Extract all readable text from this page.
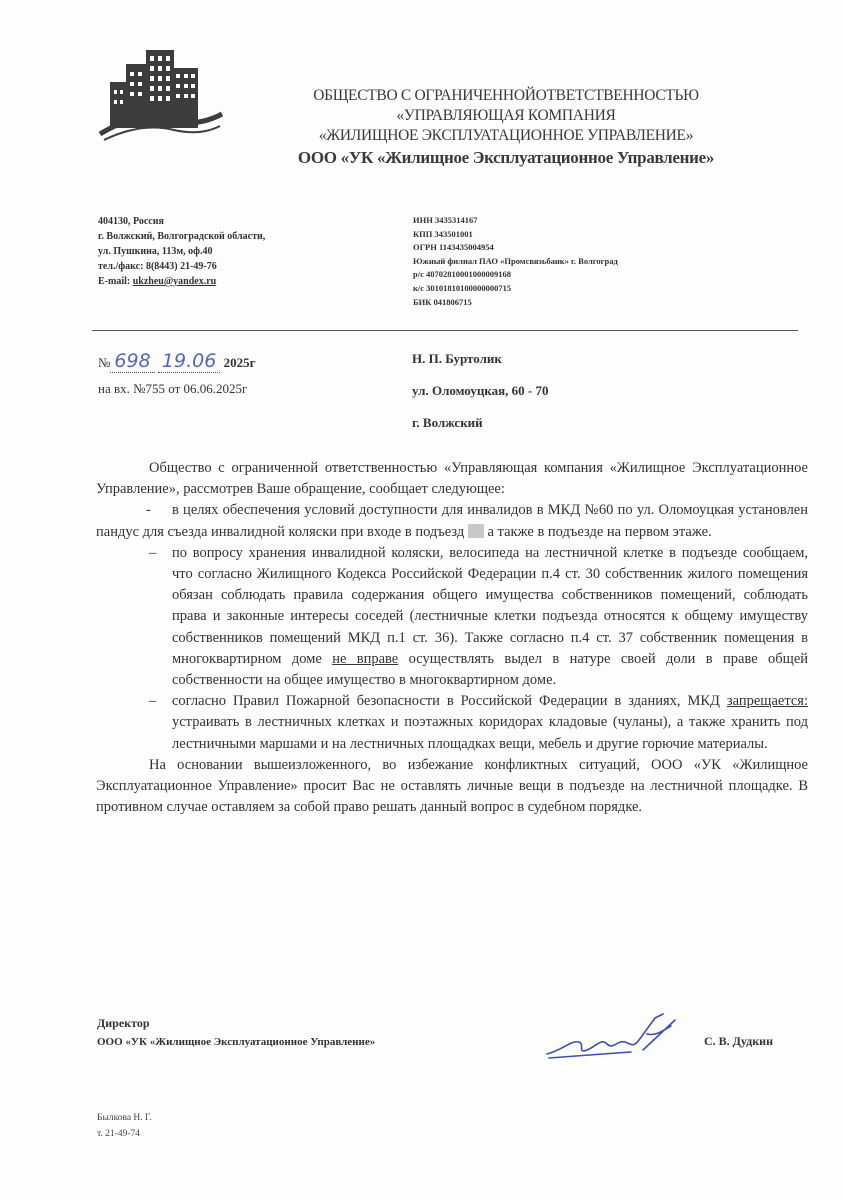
ОБЩЕСТВО С ОГРАНИЧЕННОЙОТВЕТСТВЕННОСТЬЮ
«УПРАВЛЯЮЩАЯ КОМПАНИЯ
«ЖИЛИЩНОЕ ЭКСПЛУАТАЦИОННОЕ УПРАВЛЕНИЕ»
ООО «УК «Жилищное Эксплуатационное Управление»
404130, Россия
г. Волжский, Волгоградской области,
ул. Пушкина, 113м, оф.40
тел./факс: 8(8443) 21-49-76
E-mail: ukzheu@yandex.ru
ИНН 3435314167
КПП 343501001
ОГРН 1143435004954
Южный филиал ПАО «Промсвязьбанк» г. Волгоград
р/с 40702810001000009168
к/с 30101810100000000715
БИК 041806715
№ 698 19.06 2025г
на вх. №755 от 06.06.2025г
Н. П. Буртолик
ул. Оломоуцкая, 60 - 70
г. Волжский

Общество с ограниченной ответственностью «Управляющая компания «Жилищное Эксплуатационное Управление», рассмотрев Ваше обращение, сообщает следующее:

- в целях обеспечения условий доступности для инвалидов в МКД №60 по ул. Оломоуцкая установлен пандус для съезда инвалидной коляски при входе в подъезд а также в подъезде на первом этаже.

– по вопросу хранения инвалидной коляски, велосипеда на лестничной клетке в подъезде сообщаем, что согласно Жилищного Кодекса Российской Федерации п.4 ст. 30 собственник жилого помещения обязан соблюдать правила содержания общего имущества собственников помещений, соблюдать права и законные интересы соседей (лестничные клетки подъезда относятся к общему имуществу собственников помещений МКД п.1 ст. 36). Также согласно п.4 ст. 37 собственник помещения в многоквартирном доме не вправе осуществлять выдел в натуре своей доли в праве общей собственности на общее имущество в многоквартирном доме.

– согласно Правил Пожарной безопасности в Российской Федерации в зданиях, МКД запрещается: устраивать в лестничных клетках и поэтажных коридорах кладовые (чуланы), а также хранить под лестничными маршами и на лестничных площадках вещи, мебель и другие горючие материалы.

На основании вышеизложенного, во избежание конфликтных ситуаций, ООО «УК «Жилищное Эксплуатационное Управление» просит Вас не оставлять личные вещи в подъезде на лестничной площадке. В противном случае оставляем за собой право решать данный вопрос в судебном порядке.

Директор
ООО «УК «Жилищное Эксплуатационное Управление»	С. В. Дудкин
Былкова Н. Г.
т. 21-49-74
